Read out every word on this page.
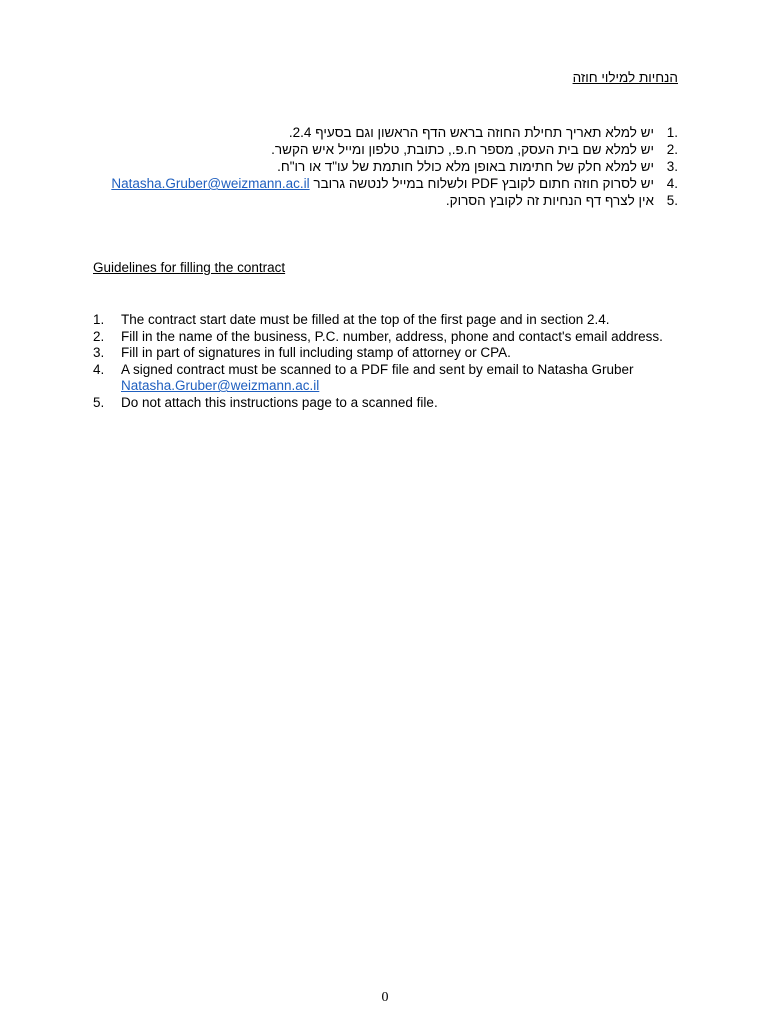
הנחיות למילוי חוזה
.1
יש למלא תאריך תחילת החוזה בראש הדף הראשון וגם בסעיף 2.4.
.2
יש למלא שם בית העסק, מספר ח.פ., כתובת, טלפון ומייל איש הקשר.
.3
יש למלא חלק של חתימות באופן מלא כולל חותמת של עו"ד או רו"ח.
.4
יש לסרוק חוזה חתום לקובץ PDF ולשלוח במייל לנטשה גרובר Natasha.Gruber@weizmann.ac.il
.5
אין לצרף דף הנחיות זה לקובץ הסרוק.
Guidelines for filling the contract
1.	The contract start date must be filled at the top of the first page and in section 2.4.
2.	Fill in the name of the business, P.C. number, address, phone and contact's email address.
3.	Fill in part of signatures in full including stamp of attorney or CPA.
4.	A signed contract must be scanned to a PDF file and sent by email to Natasha Gruber
Natasha.Gruber@weizmann.ac.il
5.	Do not attach this instructions page to a scanned file.
0
